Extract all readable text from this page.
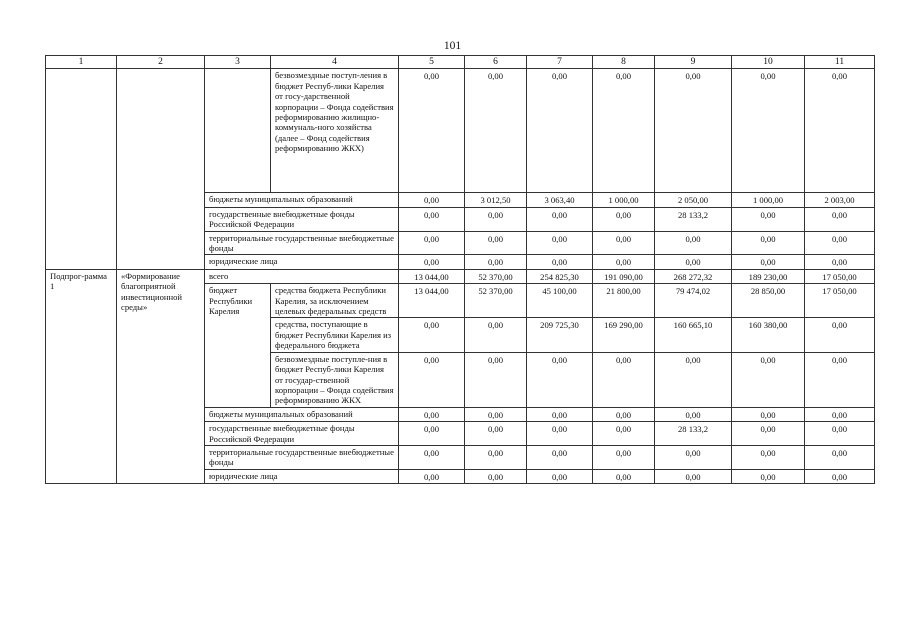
101
1	2	3	4	5	6	7	8	9	10	11
			безвозмездные поступ-ления в бюджет Респуб-лики Карелия от госу-дарственной корпорации – Фонда содействия реформированию жилищно-коммуналь-ного хозяйства (далее – Фонд содействия реформированию ЖКХ)	0,00	0,00	0,00	0,00	0,00	0,00	0,00
		бюджеты муниципальных образований		0,00	3 012,50	3 063,40	1 000,00	2 050,00	1 000,00	2 003,00
		государственные внебюджетные фонды Российской Федерации		0,00	0,00	0,00	0,00	28 133,2	0,00	0,00
		территориальные государственные внебюджетные фонды		0,00	0,00	0,00	0,00	0,00	0,00	0,00
		юридические лица		0,00	0,00	0,00	0,00	0,00	0,00	0,00
Подпрог-рамма 1	«Формирование благоприятной инвестиционной среды»	всего		13 044,00	52 370,00	254 825,30	191 090,00	268 272,32	189 230,00	17 050,00
		бюджет Республики Карелия	средства бюджета Республики Карелия, за исключением целевых федеральных средств	13 044,00	52 370,00	45 100,00	21 800,00	79 474,02	28 850,00	17 050,00
			средства, поступающие в бюджет Республики Карелия из федерального бюджета	0,00	0,00	209 725,30	169 290,00	160 665,10	160 380,00	0,00
			безвозмездные поступле-ния в бюджет Респуб-лики Карелия от государ-ственной корпорации – Фонда содействия реформированию ЖКХ	0,00	0,00	0,00	0,00	0,00	0,00	0,00
		бюджеты муниципальных образований		0,00	0,00	0,00	0,00	0,00	0,00	0,00
		государственные внебюджетные фонды Российской Федерации		0,00	0,00	0,00	0,00	28 133,2	0,00	0,00
		территориальные государственные внебюджетные фонды		0,00	0,00	0,00	0,00	0,00	0,00	0,00
		юридические лица		0,00	0,00	0,00	0,00	0,00	0,00	0,00
